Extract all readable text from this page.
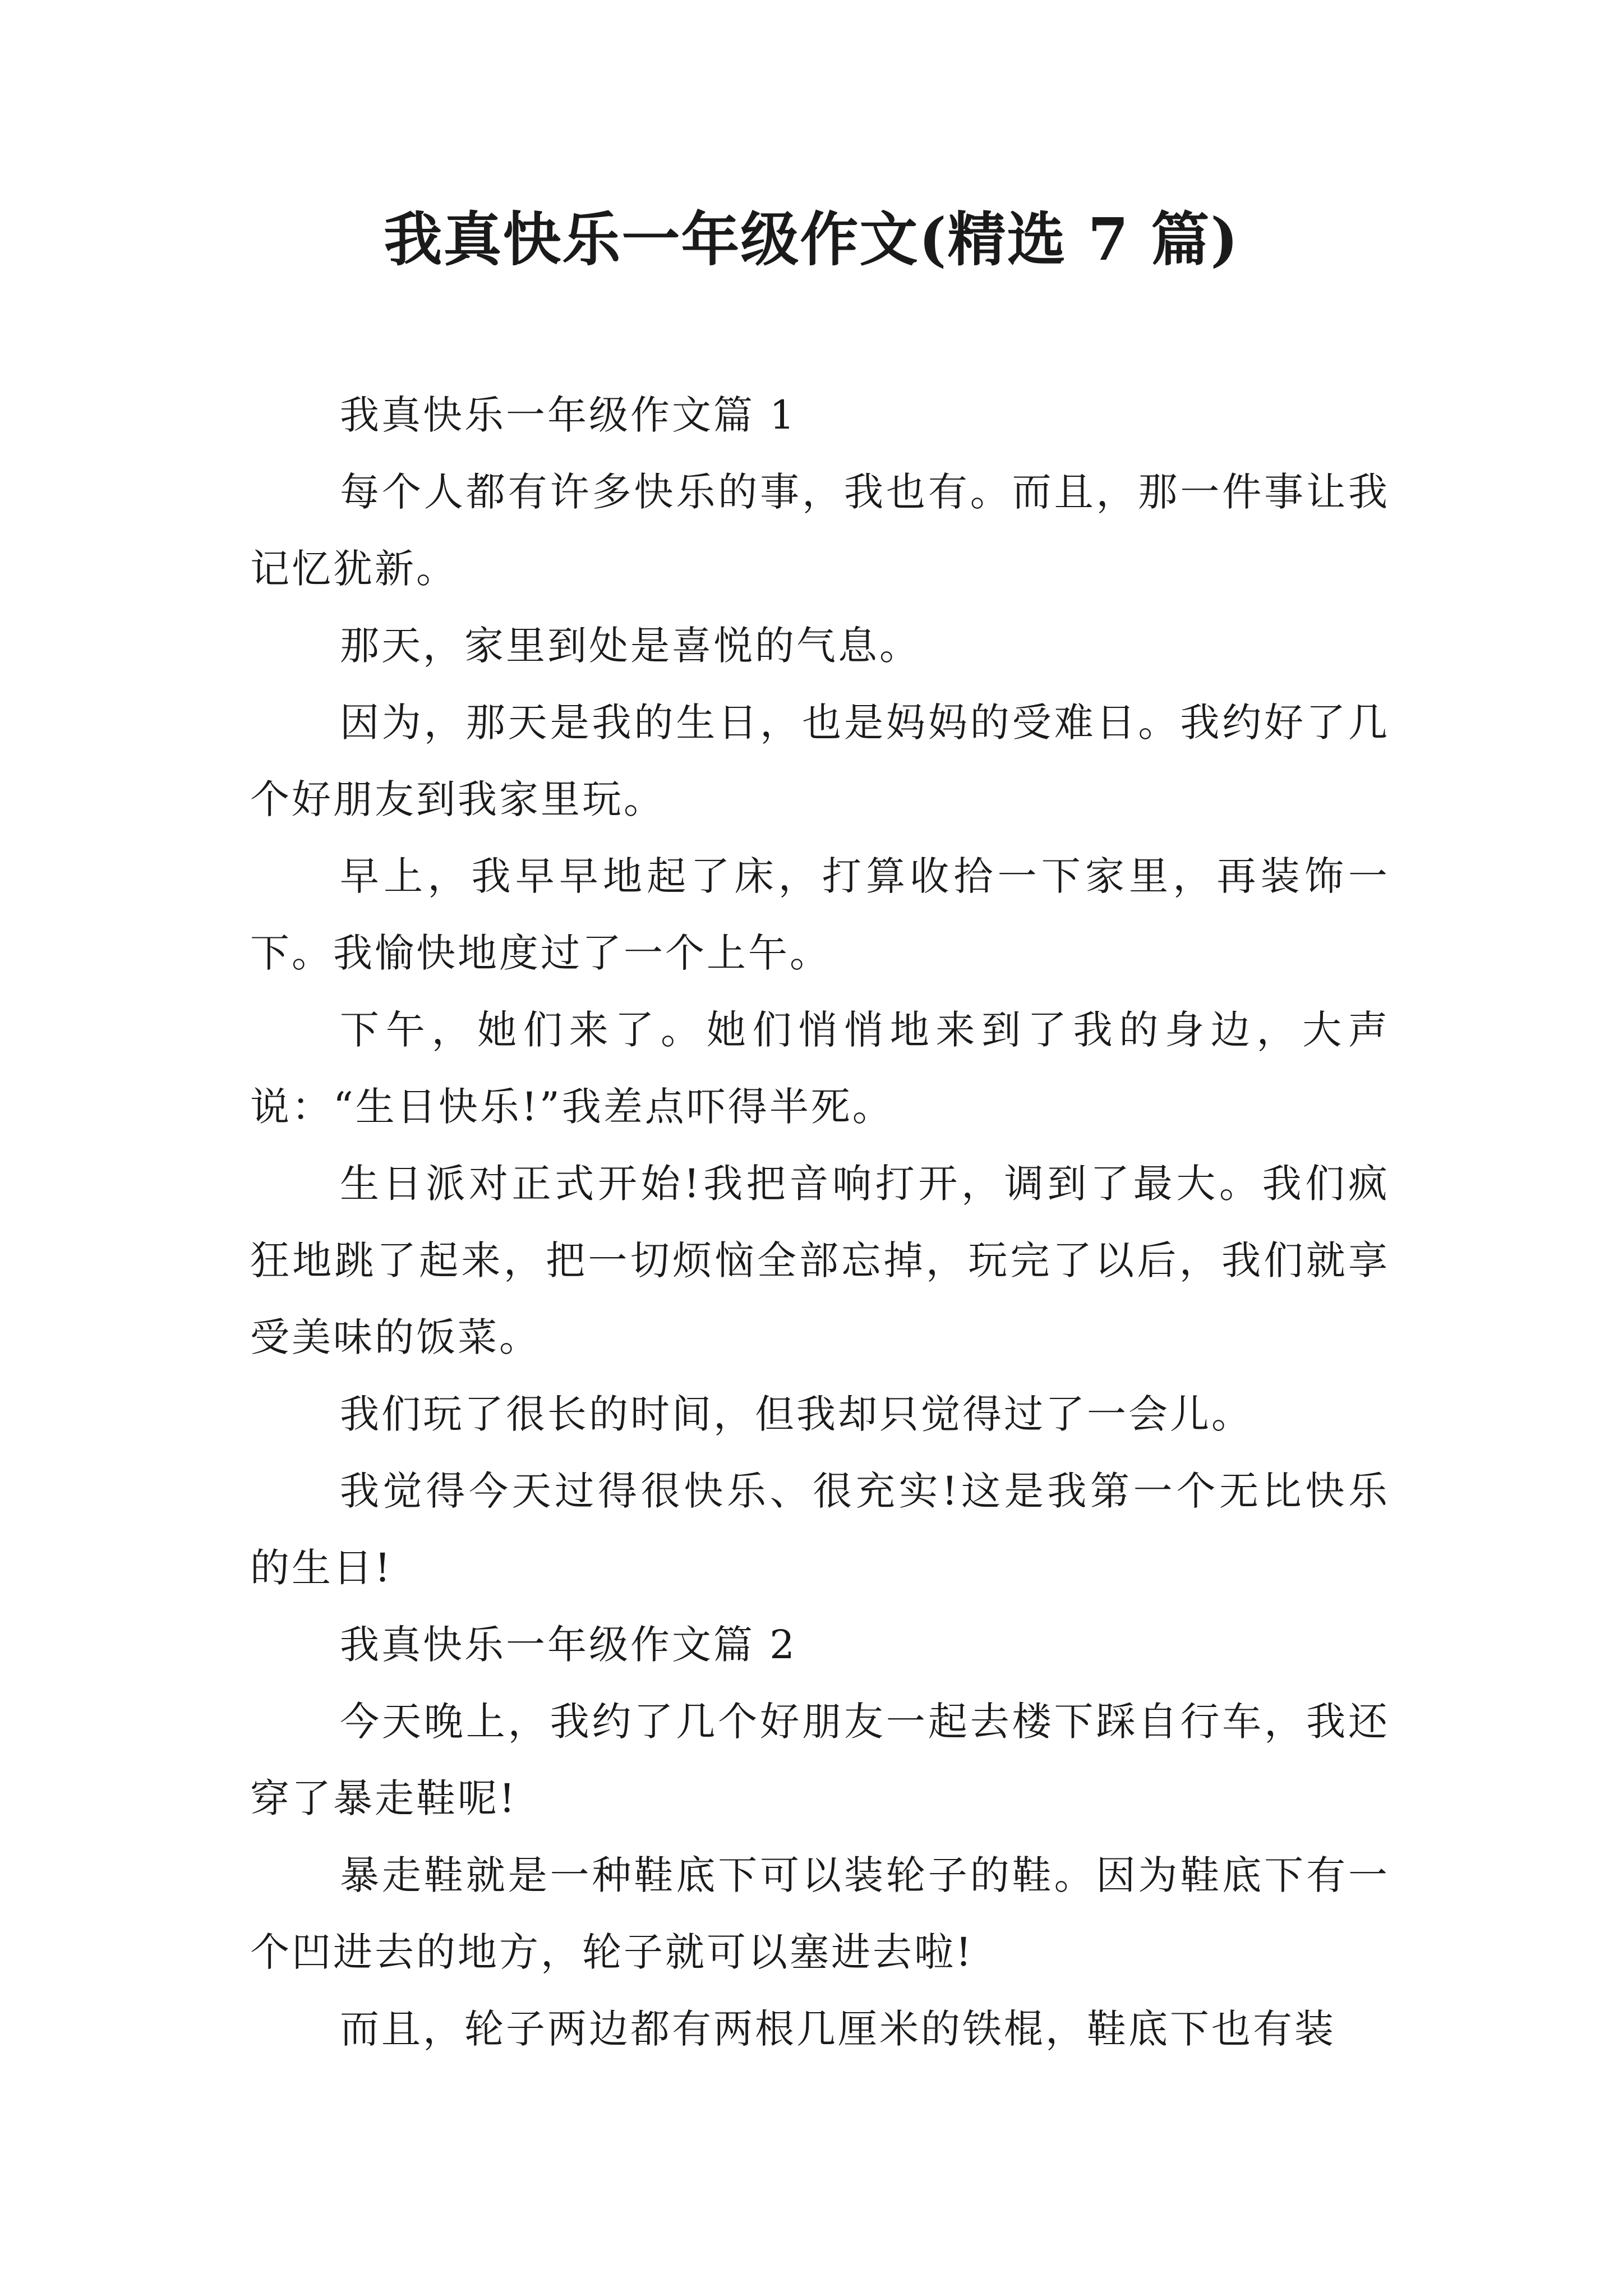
我真快乐一年级作文(精选 7 篇)

我真快乐一年级作文篇 1

每个人都有许多快乐的事，我也有。而且，那一件事让我记忆犹新。

那天，家里到处是喜悦的气息。

因为，那天是我的生日，也是妈妈的受难日。我约好了几个好朋友到我家里玩。

早上，我早早地起了床，打算收拾一下家里，再装饰一下。我愉快地度过了一个上午。

下午，她们来了。她们悄悄地来到了我的身边，大声说：“生日快乐!”我差点吓得半死。

生日派对正式开始!我把音响打开，调到了最大。我们疯狂地跳了起来，把一切烦恼全部忘掉，玩完了以后，我们就享受美味的饭菜。

我们玩了很长的时间，但我却只觉得过了一会儿。

我觉得今天过得很快乐、很充实!这是我第一个无比快乐的生日!

我真快乐一年级作文篇 2

今天晚上，我约了几个好朋友一起去楼下踩自行车，我还穿了暴走鞋呢!

暴走鞋就是一种鞋底下可以装轮子的鞋。因为鞋底下有一个凹进去的地方，轮子就可以塞进去啦!

而且，轮子两边都有两根几厘米的铁棍，鞋底下也有装
